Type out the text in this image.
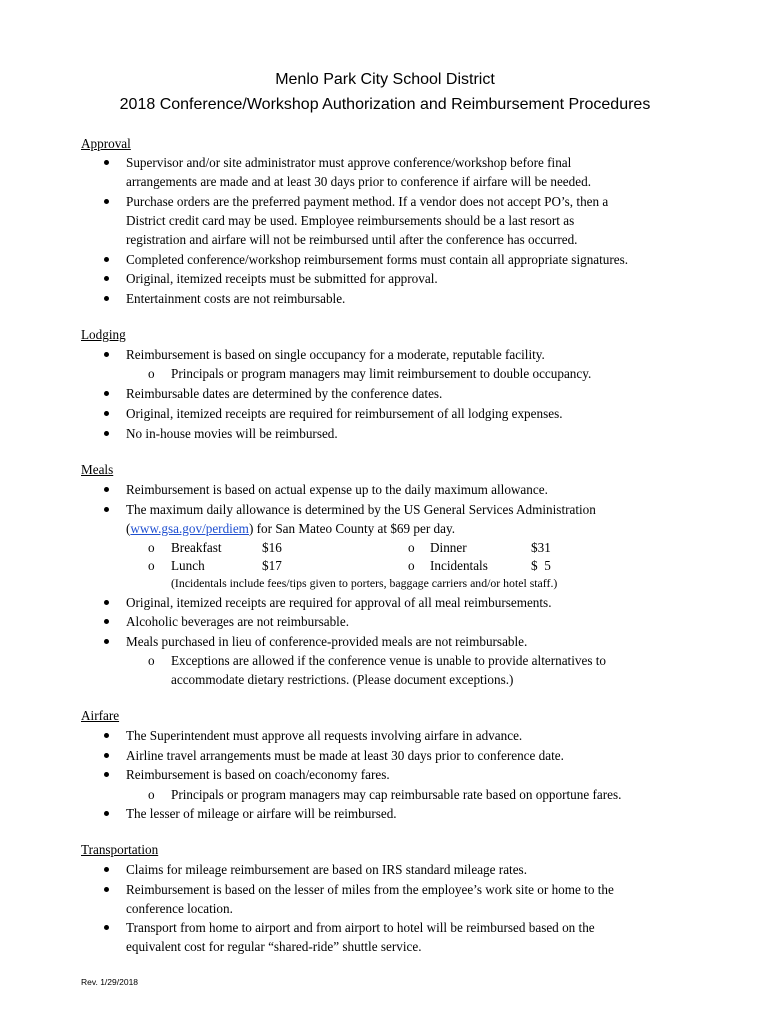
Menlo Park City School District
2018 Conference/Workshop Authorization and Reimbursement Procedures
Approval
Supervisor and/or site administrator must approve conference/workshop before final
arrangements are made and at least 30 days prior to conference if airfare will be needed.
Purchase orders are the preferred payment method. If a vendor does not accept PO’s, then a
District credit card may be used. Employee reimbursements should be a last resort as
registration and airfare will not be reimbursed until after the conference has occurred.
Completed conference/workshop reimbursement forms must contain all appropriate signatures.
Original, itemized receipts must be submitted for approval.
Entertainment costs are not reimbursable.
Lodging
Reimbursement is based on single occupancy for a moderate, reputable facility.
o Principals or program managers may limit reimbursement to double occupancy.
Reimbursable dates are determined by the conference dates.
Original, itemized receipts are required for reimbursement of all lodging expenses.
No in-house movies will be reimbursed.
Meals
Reimbursement is based on actual expense up to the daily maximum allowance.
The maximum daily allowance is determined by the US General Services Administration
(www.gsa.gov/perdiem) for San Mateo County at $69 per day.
o Breakfast	$16	o Dinner	$31
o Lunch	$17	o Incidentals	$  5
(Incidentals include fees/tips given to porters, baggage carriers and/or hotel staff.)
Original, itemized receipts are required for approval of all meal reimbursements.
Alcoholic beverages are not reimbursable.
Meals purchased in lieu of conference-provided meals are not reimbursable.
o Exceptions are allowed if the conference venue is unable to provide alternatives to
accommodate dietary restrictions. (Please document exceptions.)
Airfare
The Superintendent must approve all requests involving airfare in advance.
Airline travel arrangements must be made at least 30 days prior to conference date.
Reimbursement is based on coach/economy fares.
o Principals or program managers may cap reimbursable rate based on opportune fares.
The lesser of mileage or airfare will be reimbursed.
Transportation
Claims for mileage reimbursement are based on IRS standard mileage rates.
Reimbursement is based on the lesser of miles from the employee’s work site or home to the
conference location.
Transport from home to airport and from airport to hotel will be reimbursed based on the
equivalent cost for regular “shared-ride” shuttle service.
Rev. 1/29/2018
